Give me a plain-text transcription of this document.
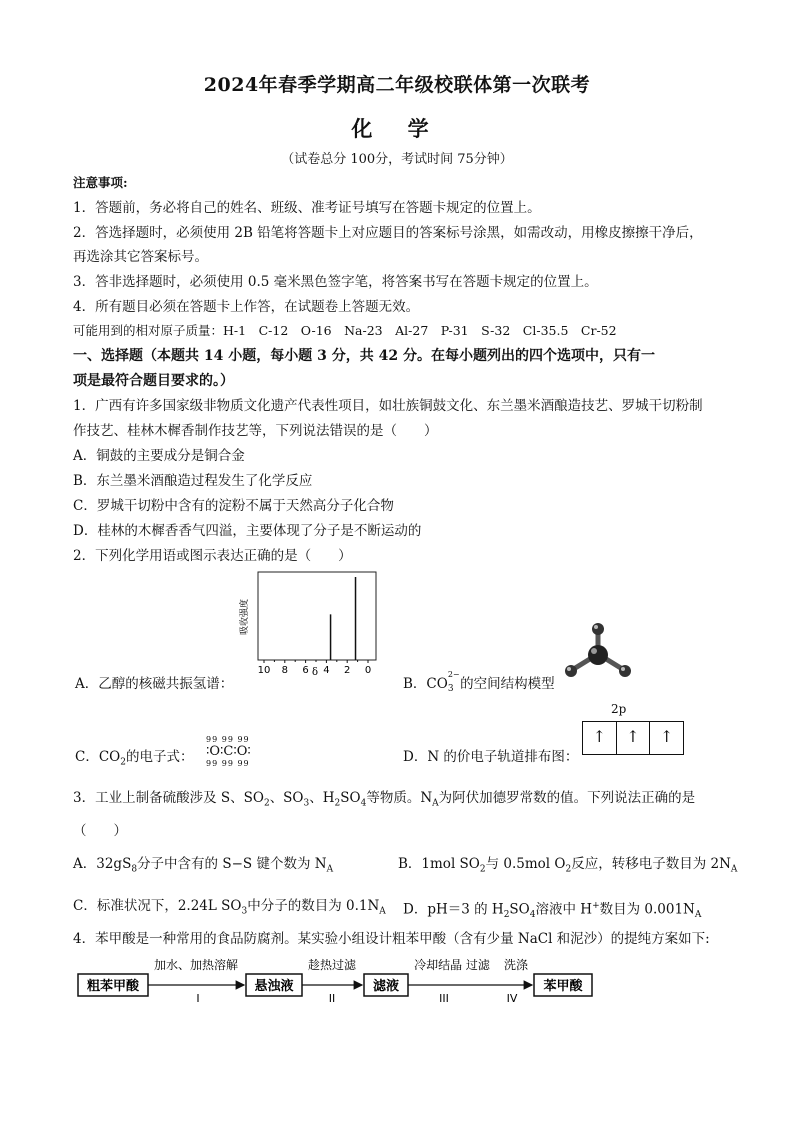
2024年春季学期高二年级校联体第一次联考
化 学
（试卷总分 100分，考试时间 75分钟）
注意事项:
1．答题前，务必将自己的姓名、班级、准考证号填写在答题卡规定的位置上。
2．答选择题时，必须使用 2B 铅笔将答题卡上对应题目的答案标号涂黑，如需改动，用橡皮擦擦干净后，
再选涂其它答案标号。
3．答非选择题时，必须使用 0.5 毫米黑色签字笔，将答案书写在答题卡规定的位置上。
4．所有题目必须在答题卡上作答，在试题卷上答题无效。
可能用到的相对原子质量：H-1　C-12　O-16　Na-23　Al-27　P-31　S-32　Cl-35.5　Cr-52
一、选择题（本题共 14 小题，每小题 3 分，共 42 分。在每小题列出的四个选项中，只有一
项是最符合题目要求的。）
1．广西有许多国家级非物质文化遗产代表性项目，如壮族铜鼓文化、东兰墨米酒酿造技艺、罗城干切粉制
作技艺、桂林木樨香制作技艺等，下列说法错误的是（　　）
A．铜鼓的主要成分是铜合金
B．东兰墨米酒酿造过程发生了化学反应
C．罗城干切粉中含有的淀粉不属于天然高分子化合物
D．桂林的木樨香香气四溢，主要体现了分子是不断运动的
2．下列化学用语或图示表达正确的是（　　）
吸收强度
10 8 6 4 2 0
δ
A．乙醇的核磁共振氢谱：	B．CO 3
2−
的空间结构模型
C．$CO_2$的电子式：
99 99 99
∶O∶C∶O∶
99 99 99	D．N 的价电子轨道排布图：
2p
↑	↑	↑
3．工业上制备硫酸涉及 S、$SO_2$、$SO_3$、$H_2SO_4$等物质。$N_A$为阿伏加德罗常数的值。下列说法正确的是
（　　）
A．$32gS_8$分子中含有的 S−S 键个数为 $N_A$	B．1mol $SO_2$与 0.5mol $O_2$反应，转移电子数目为 $2N_A$
C．标准状况下，2.24L $SO_3$中分子的数目为 $0.1N_A$ D．pH＝3 的 $H_2SO_4$溶液中 H+数目为 $0.001N_A$
4．苯甲酸是一种常用的食品防腐剂。某实验小组设计粗苯甲酸（含有少量 NaCl 和泥沙）的提纯方案如下:
粗苯甲酸
加水、加热溶解
I
悬浊液
趁热过滤
II
滤液
冷却结晶 过滤 洗涤
III	IV
苯甲酸
